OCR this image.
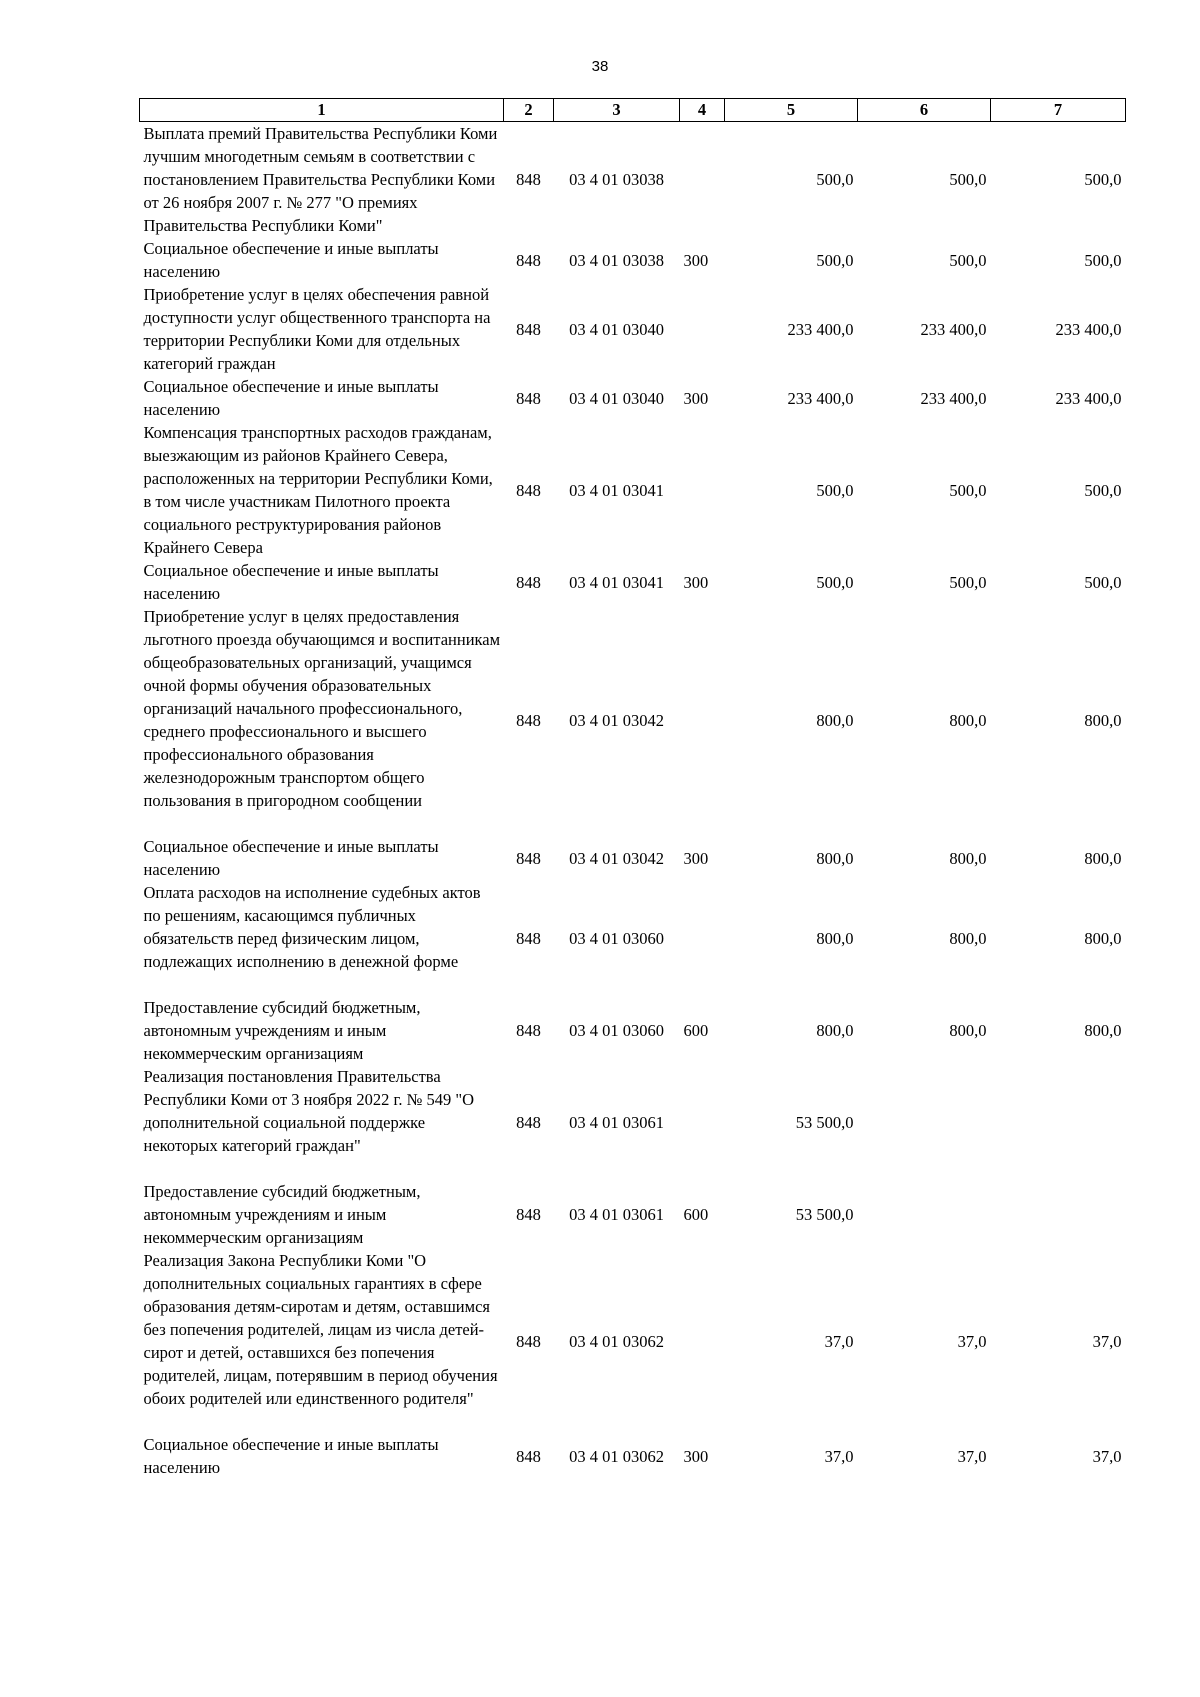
38
1	2	3	4	5	6	7
Выплата премий Правительства Республики Коми лучшим многодетным семьям в соответствии с постановлением Правительства Республики Коми от 26 ноября 2007 г. № 277 "О премиях Правительства Республики Коми"	848	03 4 01 03038		500,0	500,0	500,0
Социальное обеспечение и иные выплаты населению	848	03 4 01 03038	300	500,0	500,0	500,0
Приобретение услуг в целях обеспечения равной доступности услуг общественного транспорта на территории Республики Коми для отдельных категорий граждан	848	03 4 01 03040		233 400,0	233 400,0	233 400,0
Социальное обеспечение и иные выплаты населению	848	03 4 01 03040	300	233 400,0	233 400,0	233 400,0
Компенсация транспортных расходов гражданам, выезжающим из районов Крайнего Севера, расположенных на территории Республики Коми, в том числе участникам Пилотного проекта социального реструктурирования районов Крайнего Севера	848	03 4 01 03041		500,0	500,0	500,0
Социальное обеспечение и иные выплаты населению	848	03 4 01 03041	300	500,0	500,0	500,0
Приобретение услуг в целях предоставления льготного проезда обучающимся и воспитанникам общеобразовательных организаций, учащимся очной формы обучения образовательных организаций начального профессионального, среднего профессионального и высшего профессионального образования железнодорожным транспортом общего пользования в пригородном сообщении	848	03 4 01 03042		800,0	800,0	800,0
Социальное обеспечение и иные выплаты населению	848	03 4 01 03042	300	800,0	800,0	800,0
Оплата расходов на исполнение судебных актов по решениям, касающимся публичных обязательств перед физическим лицом, подлежащих исполнению в денежной форме	848	03 4 01 03060		800,0	800,0	800,0
Предоставление субсидий бюджетным, автономным учреждениям и иным некоммерческим организациям	848	03 4 01 03060	600	800,0	800,0	800,0
Реализация постановления Правительства Республики Коми от 3 ноября 2022 г. № 549 "О дополнительной социальной поддержке некоторых категорий граждан"	848	03 4 01 03061		53 500,0		
Предоставление субсидий бюджетным, автономным учреждениям и иным некоммерческим организациям	848	03 4 01 03061	600	53 500,0		
Реализация Закона Республики Коми "О дополнительных социальных гарантиях в сфере образования детям-сиротам и детям, оставшимся без попечения родителей, лицам из числа детей-сирот и детей, оставшихся без попечения родителей, лицам, потерявшим в период обучения обоих родителей или единственного родителя"	848	03 4 01 03062		37,0	37,0	37,0
Социальное обеспечение и иные выплаты населению	848	03 4 01 03062	300	37,0	37,0	37,0
